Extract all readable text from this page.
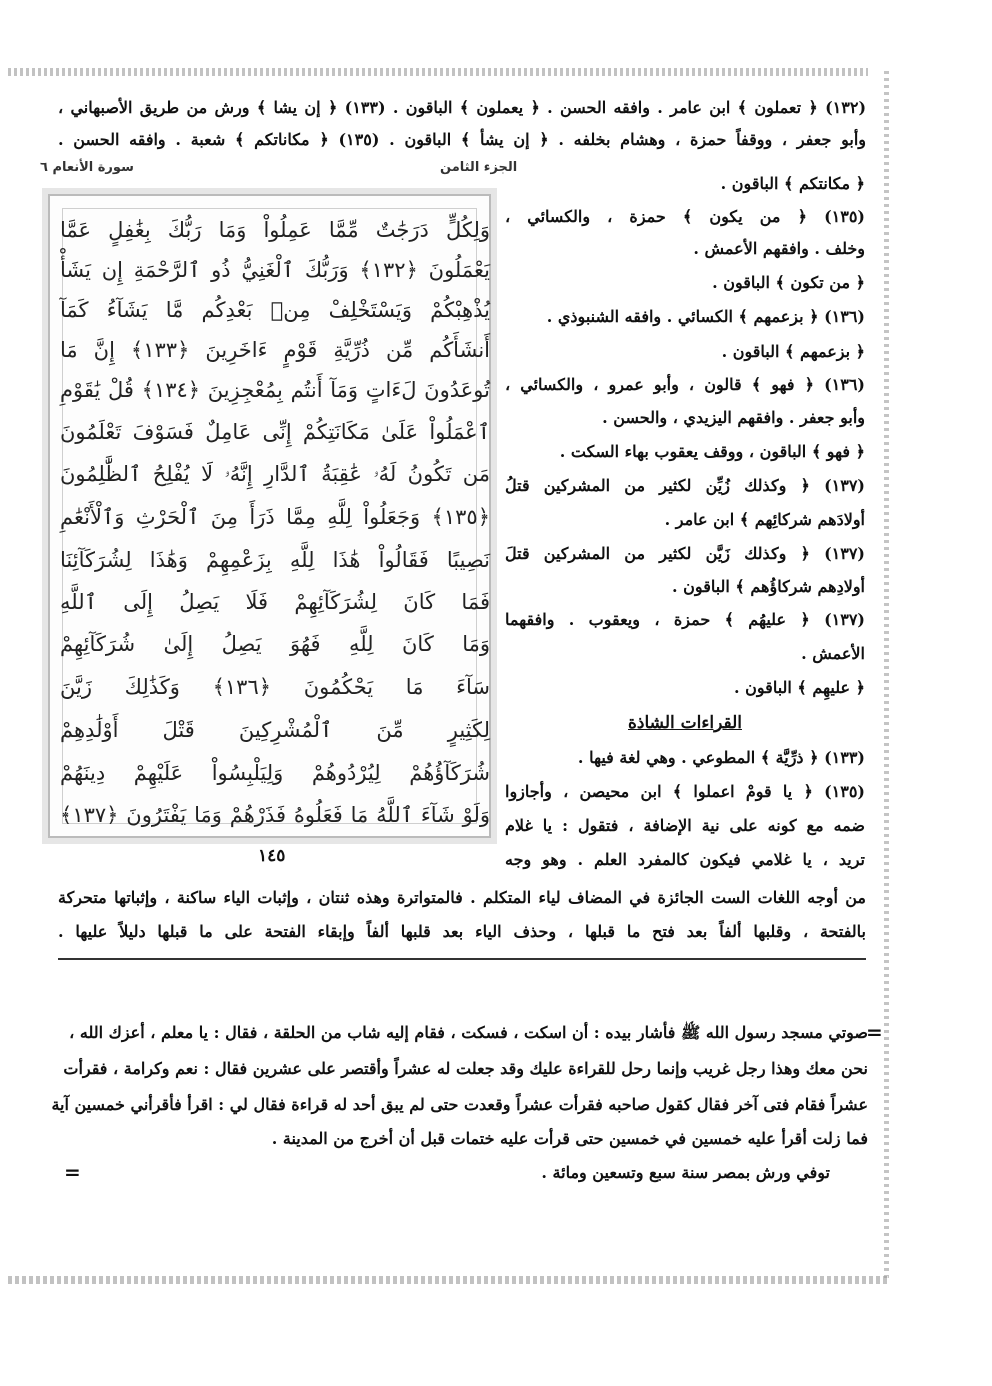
(١٣٢) ﴿ تعملون ﴾ ابن عامر . وافقه الحسن . ﴿ يعملون ﴾ الباقون . (١٣٣) ﴿ إن يشا ﴾ ورش من طريق الأصبهاني ،
وأبو جعفر ، ووقفاً حمزة ، وهشام بخلفه . ﴿ إن يشأ ﴾ الباقون . (١٣٥) ﴿ مكاناتكم ﴾ شعبة . وافقه الحسن .
سورة الأنعام ٦	الجزء الثامن
وَلِكُلٍّ دَرَجَٰتٌ مِّمَّا عَمِلُواْ وَمَا رَبُّكَ بِغَٰفِلٍ عَمَّا
يَعْمَلُونَ ﴿١٣٢﴾ وَرَبُّكَ ٱلْغَنِيُّ ذُو ٱلرَّحْمَةِ إِن يَشَأْ
يُذْهِبْكُمْ وَيَسْتَخْلِفْ مِنۢ بَعْدِكُم مَّا يَشَآءُ كَمَآ
أَنشَأَكُم مِّن ذُرِّيَّةِ قَوْمٍ ءَاخَرِينَ ﴿١٣٣﴾ إِنَّ مَا
تُوعَدُونَ لَءَاتٍ وَمَآ أَنتُم بِمُعْجِزِينَ ﴿١٣٤﴾ قُلْ يَٰقَوْمِ
ٱعْمَلُواْ عَلَىٰ مَكَانَتِكُمْ إِنِّى عَامِلٌ فَسَوْفَ تَعْلَمُونَ
مَن تَكُونُ لَهُۥ عَٰقِبَةُ ٱلدَّارِ إِنَّهُۥ لَا يُفْلِحُ ٱلظَّٰلِمُونَ
﴿١٣٥﴾ وَجَعَلُواْ لِلَّهِ مِمَّا ذَرَأَ مِنَ ٱلْحَرْثِ وَٱلْأَنْعَٰمِ
نَصِيبًا فَقَالُواْ هَٰذَا لِلَّهِ بِزَعْمِهِمْ وَهَٰذَا لِشُرَكَآئِنَا
فَمَا كَانَ لِشُرَكَآئِهِمْ فَلَا يَصِلُ إِلَى ٱللَّهِ
وَمَا كَانَ لِلَّهِ فَهُوَ يَصِلُ إِلَىٰ شُرَكَآئِهِمْ
سَآءَ مَا يَحْكُمُونَ ﴿١٣٦﴾ وَكَذَٰلِكَ زَيَّنَ
لِكَثِيرٍ مِّنَ ٱلْمُشْرِكِينَ قَتْلَ أَوْلَٰدِهِمْ
شُرَكَآؤُهُمْ لِيُرْدُوهُمْ وَلِيَلْبِسُواْ عَلَيْهِمْ دِينَهُمْ
وَلَوْ شَآءَ ٱللَّهُ مَا فَعَلُوهُ فَذَرْهُمْ وَمَا يَفْتَرُونَ ﴿١٣٧﴾
١٤٥
﴿ مكانتكم ﴾ الباقون .
(١٣٥) ﴿ من يكون ﴾ حمزة ، والكسائي ،
وخلف . وافقهم الأعمش .
﴿ من تكون ﴾ الباقون .
(١٣٦) ﴿ بزعمهم ﴾ الكسائي . وافقه الشنبوذي .
﴿ بزعمهم ﴾ الباقون .
(١٣٦) ﴿ فهو ﴾ قالون ، وأبو عمرو ، والكسائي ،
وأبو جعفر . وافقهم اليزيدي ، والحسن .
﴿ فهو ﴾ الباقون ، ووقف يعقوب بهاء السكت .
(١٣٧) ﴿ وكذلك زُيِّن لكثير من المشركين قتلُ
أولادَهم شركائِهم ﴾ ابن عامر .
(١٣٧) ﴿ وكذلك زَيَّن لكثير من المشركين قتلَ
أولادِهم شركاؤُهم ﴾ الباقون .
(١٣٧) ﴿ عليهُم ﴾ حمزة ، ويعقوب . وافقهما
الأعمش .
﴿ عليهِم ﴾ الباقون .
القراءات الشاذة
(١٣٣) ﴿ ذرِّيَّة ﴾ المطوعي . وهي لغة فيها .
(١٣٥) ﴿ يا قومْ اعملوا ﴾ ابن محيصن ، وأجازوا
ضمه مع كونه على نية الإضافة ، فتقول : يا غلام
تريد ، يا غلامي فيكون كالمفرد العلم . وهو وجه
من أوجه اللغات الست الجائزة في المضاف لياء المتكلم . فالمتواترة وهذه ثنتان ، وإثبات الياء ساكنة ، وإثباتها متحركة
بالفتحة ، وقلبها ألفاً بعد فتح ما قبلها ، وحذف الياء بعد قلبها ألفاً وإبقاء الفتحة على ما قبلها دليلاً عليها .
=
صوتي مسجد رسول الله ﷺ فأشار بيده : أن اسكت ، فسكت ، فقام إليه شاب من الحلقة ، فقال : يا معلم ، أعزك الله ،
نحن معك وهذا رجل غريب وإنما رحل للقراءة عليك وقد جعلت له عشراً وأقتصر على عشرين فقال : نعم وكرامة ، فقرأت
عشراً فقام فتى آخر فقال كقول صاحبه فقرأت عشراً وقعدت حتى لم يبق أحد له قراءة فقال لي : اقرأ فأقرأني خمسين آية
فما زلت أقرأ عليه خمسين في خمسين حتى قرأت عليه ختمات قبل أن أخرج من المدينة .
توفي ورش بمصر سنة سبع وتسعين ومائة .
=
